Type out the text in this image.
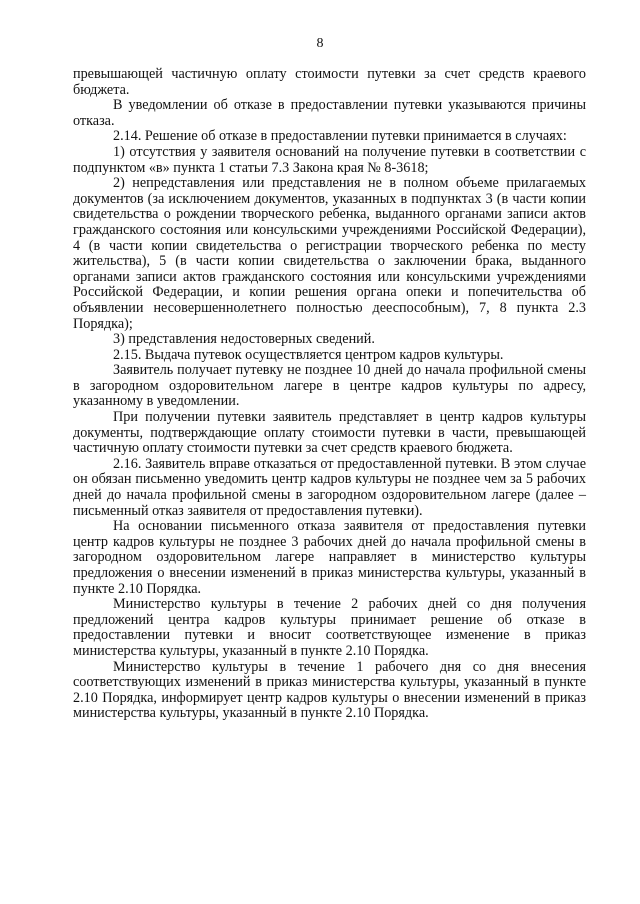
8

превышающей частичную оплату стоимости путевки за счет средств краевого бюджета.

В уведомлении об отказе в предоставлении путевки указываются причины отказа.

2.14. Решение об отказе в предоставлении путевки принимается в случаях:

1) отсутствия у заявителя оснований на получение путевки в соответствии с подпунктом «в» пункта 1 статьи 7.3 Закона края № 8-3618;

2) непредставления или представления не в полном объеме прилагаемых документов (за исключением документов, указанных в подпунктах 3 (в части копии свидетельства о рождении творческого ребенка, выданного органами записи актов гражданского состояния или консульскими учреждениями Российской Федерации), 4 (в части копии свидетельства о регистрации творческого ребенка по месту жительства), 5 (в части копии свидетельства о заключении брака, выданного органами записи актов гражданского состояния или консульскими учреждениями Российской Федерации, и копии решения органа опеки и попечительства об объявлении несовершеннолетнего полностью дееспособным), 7, 8 пункта 2.3 Порядка);

3) представления недостоверных сведений.

2.15. Выдача путевок осуществляется центром кадров культуры.

Заявитель получает путевку не позднее 10 дней до начала профильной смены в загородном оздоровительном лагере в центре кадров культуры по адресу, указанному в уведомлении.

При получении путевки заявитель представляет в центр кадров культуры документы, подтверждающие оплату стоимости путевки в части, превышающей частичную оплату стоимости путевки за счет средств краевого бюджета.

2.16. Заявитель вправе отказаться от предоставленной путевки. В этом случае он обязан письменно уведомить центр кадров культуры не позднее чем за 5 рабочих дней до начала профильной смены в загородном оздоровительном лагере (далее – письменный отказ заявителя от предоставления путевки).

На основании письменного отказа заявителя от предоставления путевки центр кадров культуры не позднее 3 рабочих дней до начала профильной смены в загородном оздоровительном лагере направляет в министерство культуры предложения о внесении изменений в приказ министерства культуры, указанный в пункте 2.10 Порядка.

Министерство культуры в течение 2 рабочих дней со дня получения предложений центра кадров культуры принимает решение об отказе в предоставлении путевки и вносит соответствующее изменение в приказ министерства культуры, указанный в пункте 2.10 Порядка.

Министерство культуры в течение 1 рабочего дня со дня внесения соответствующих изменений в приказ министерства культуры, указанный в пункте 2.10 Порядка, информирует центр кадров культуры о внесении изменений в приказ министерства культуры, указанный в пункте 2.10 Порядка.
